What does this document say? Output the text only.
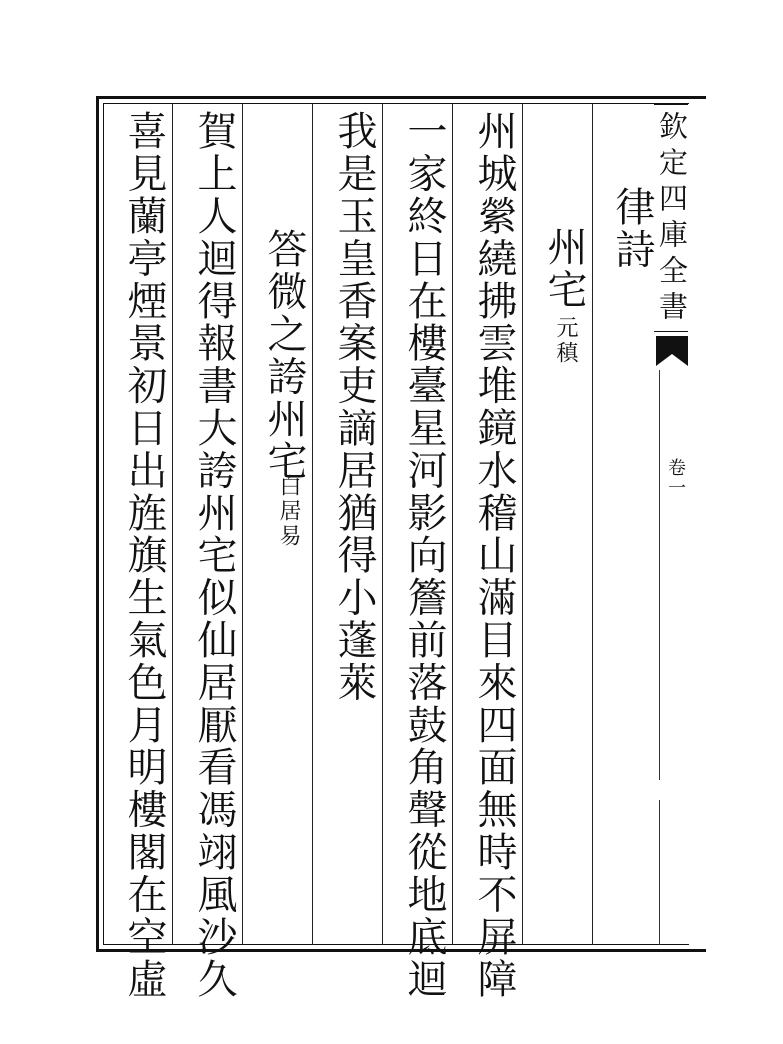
欽定四庫全書
卷一
律詩
州宅
元稹
州城縈繞拂雲堆鏡水稽山滿目來四面無時不屏障
一家終日在樓臺星河影向簷前落鼓角聲從地底迴
我是玉皇香案吏謫居猶得小蓬萊
答微之誇州宅
白居易
賀上人迴得報書大誇州宅似仙居厭看馮翊風沙久
喜見蘭亭煙景初日出旌旗生氣色月明樓閣在空虛
